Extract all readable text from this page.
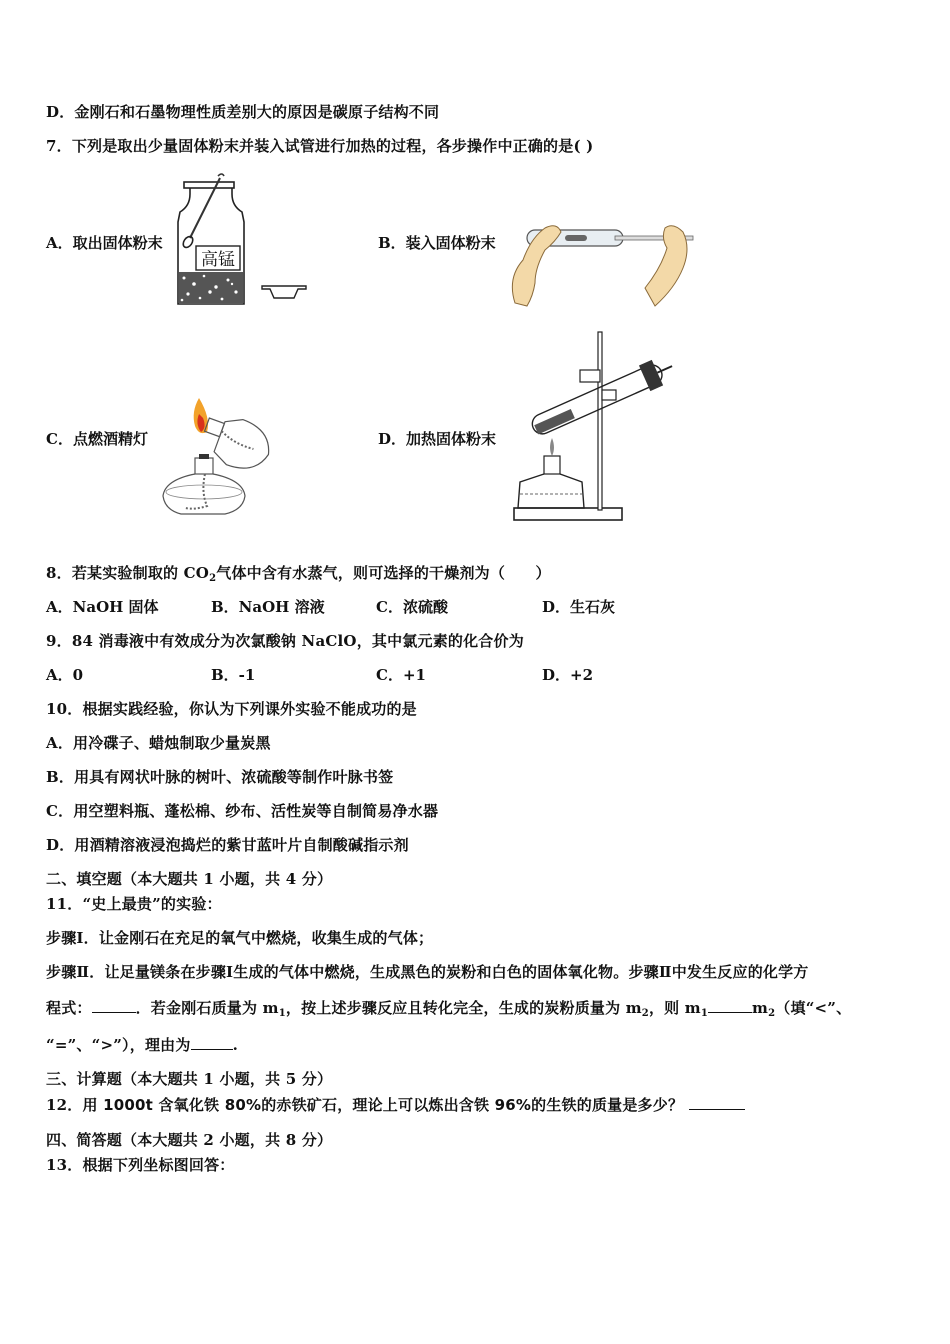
D．金刚石和石墨物理性质差别大的原因是碳原子结构不同
7．下列是取出少量固体粉末并装入试管进行加热的过程，各步操作中正确的是( )
A．取出固体粉末
高锰
B．装入固体粉末
C．点燃酒精灯	D．加热固体粉末
8．若某实验制取的 $CO_2$气体中含有水蒸气，则可选择的干燥剂为（　　）
A．NaOH 固体	B．NaOH 溶液	C．浓硫酸	D．生石灰
9．84 消毒液中有效成分为次氯酸钠 NaClO，其中氯元素的化合价为
A．0	B．-1	C．+1	D．+2
10．根据实践经验，你认为下列课外实验不能成功的是
A．用冷碟子、蜡烛制取少量炭黑
B．用具有网状叶脉的树叶、浓硫酸等制作叶脉书签
C．用空塑料瓶、蓬松棉、纱布、活性炭等自制简易净水器
D．用酒精溶液浸泡捣烂的紫甘蓝叶片自制酸碱指示剂
二、填空题（本大题共 1 小题，共 4 分）
11．“史上最贵”的实验：
步骤Ⅰ．让金刚石在充足的氧气中燃烧，收集生成的气体；
步骤Ⅱ．让足量镁条在步骤Ⅰ生成的气体中燃烧，生成黑色的炭粉和白色的固体氧化物。步骤Ⅱ中发生反应的化学方
程式：	．若金刚石质量为 $m_1$，按上述步骤反应且转化完全，生成的炭粉质量为 $m_2$，则 $m_1$	$m_2$（填“<”、
“=”、“>”），理由为	.
三、计算题（本大题共 1 小题，共 5 分）
12．用 1000t 含氧化铁 80%的赤铁矿石，理论上可以炼出含铁 96%的生铁的质量是多少？
四、简答题（本大题共 2 小题，共 8 分）
13．根据下列坐标图回答：
